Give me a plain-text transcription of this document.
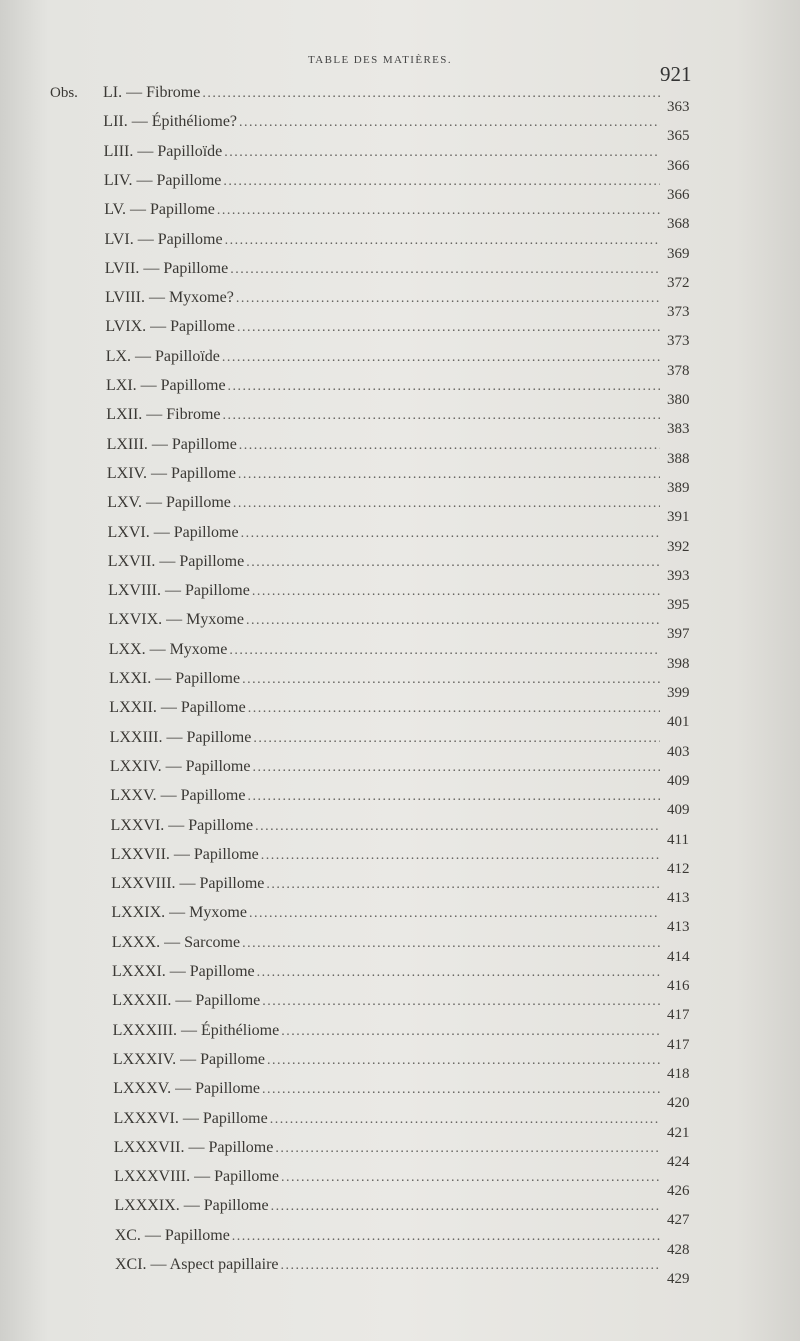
TABLE DES MATIÈRES.
921
Obs. LI. — Fibrome
. . .
363
LII. — Épithéliome?
. . .
365
LIII. — Papilloïde
. . .
366
LIV. — Papillome
. . .
366
LV. — Papillome
. . .
368
LVI. — Papillome
. . .
369
LVII. — Papillome
. . .
372
LVIII. — Myxome?
. . .
373
LVIX. — Papillome
. . .
373
LX. — Papilloïde
. . .
378
LXI. — Papillome
. . .
380
LXII. — Fibrome
. . .
383
LXIII. — Papillome
. . .
388
LXIV. — Papillome
. . .
389
LXV. — Papillome
. . .
391
LXVI. — Papillome
. . .
392
LXVII. — Papillome
. . .
393
LXVIII. — Papillome
. . .
395
LXVIX. — Myxome
. . .
397
LXX. — Myxome
. . .
398
LXXI. — Papillome
. . .
399
LXXII. — Papillome
. . .
401
LXXIII. — Papillome
. . .
403
LXXIV. — Papillome
. . .
409
LXXV. — Papillome
. . .
409
LXXVI. — Papillome
. . .
411
LXXVII. — Papillome
. . .
412
LXXVIII. — Papillome
. . .
413
LXXIX. — Myxome
. . .
413
LXXX. — Sarcome
. . .
414
LXXXI. — Papillome
. . .
416
LXXXII. — Papillome
. . .
417
LXXXIII. — Épithéliome
. . .
417
LXXXIV. — Papillome
. . .
418
LXXXV. — Papillome
. . .
420
LXXXVI. — Papillome
. . .
421
LXXXVII. — Papillome
. . .
424
LXXXVIII. — Papillome
. . .
426
LXXXIX. — Papillome
. . .
427
XC. — Papillome
. . .
428
XCI. — Aspect papillaire
. . .
429
